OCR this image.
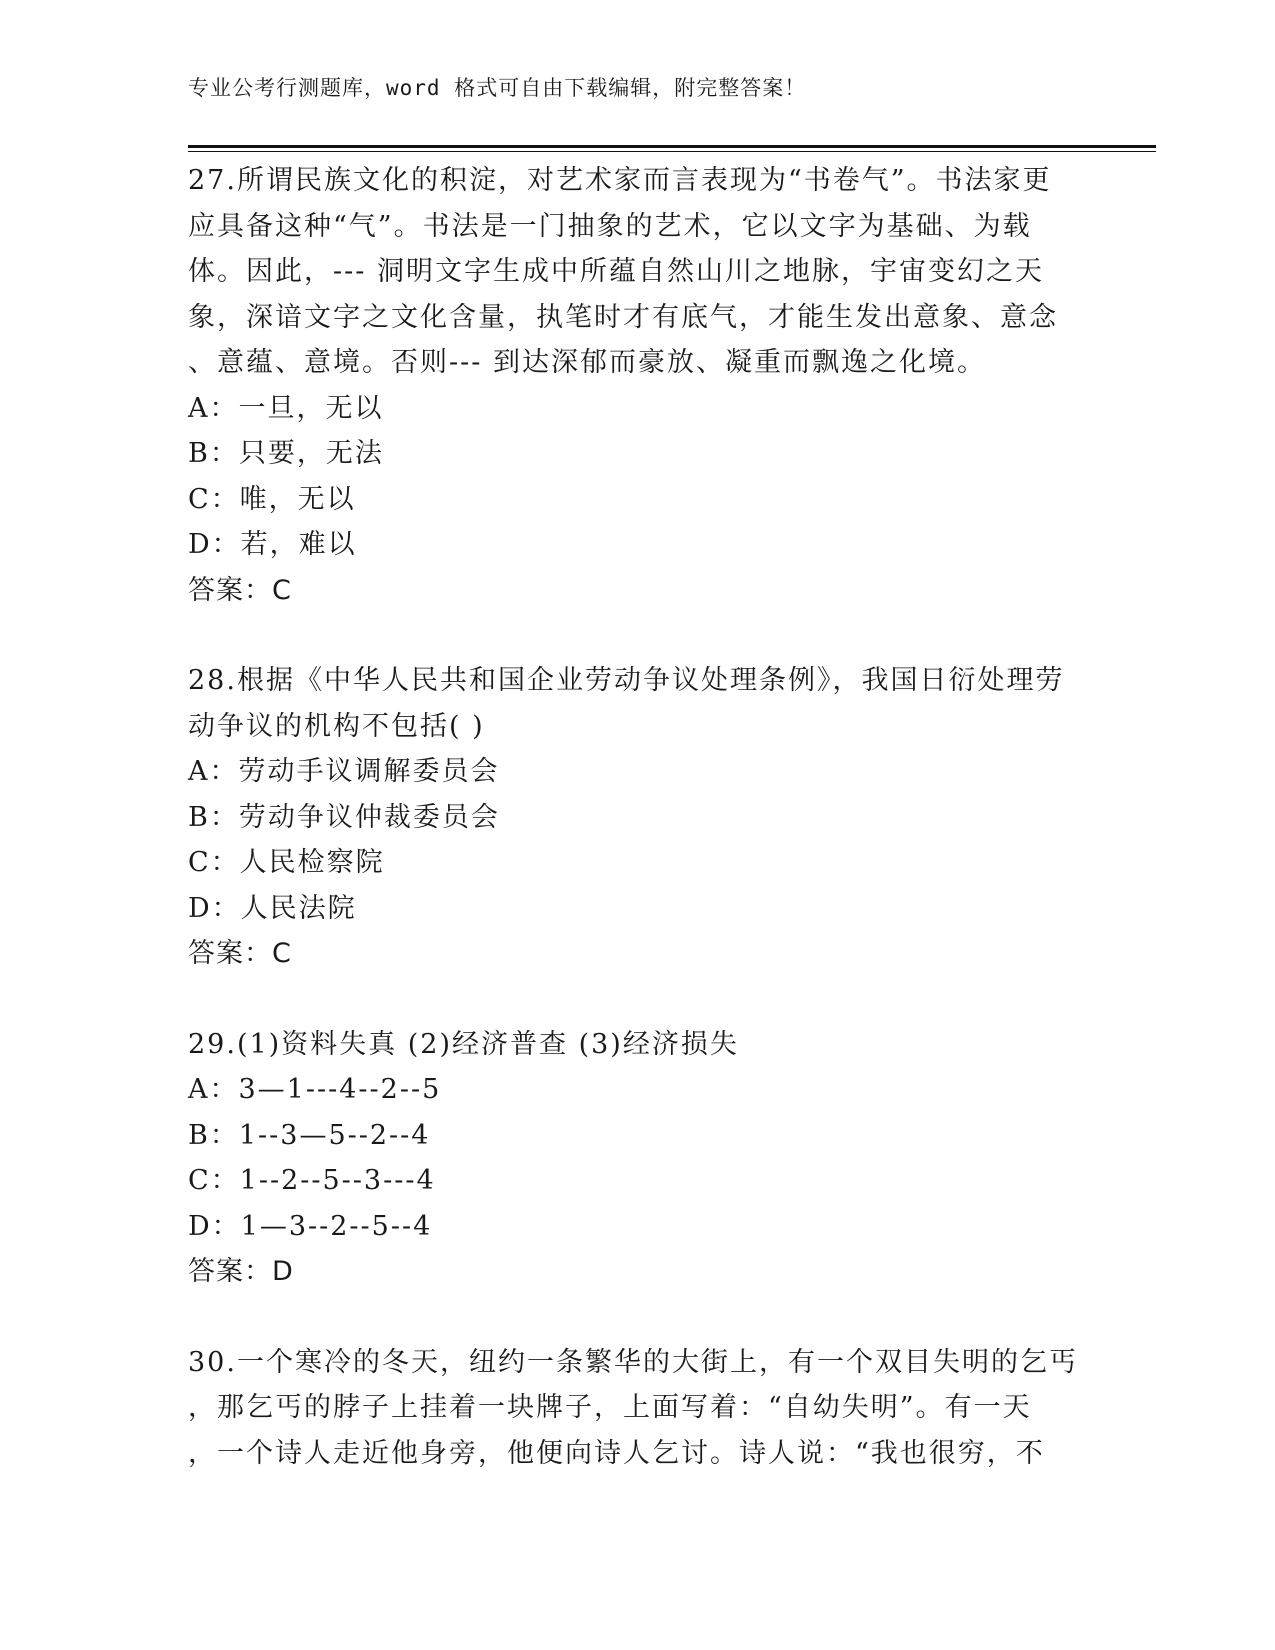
专业公考行测题库，word 格式可自由下载编辑，附完整答案！
27.所谓民族文化的积淀，对艺术家而言表现为“书卷气”。书法家更
应具备这种“气”。书法是一门抽象的艺术，它以文字为基础、为载
体。因此，--- 洞明文字生成中所蕴自然山川之地脉，宇宙变幻之天
象，深谙文字之文化含量，执笔时才有底气，才能生发出意象、意念
、意蕴、意境。否则--- 到达深郁而豪放、凝重而飘逸之化境。
A：一旦，无以
B：只要，无法
C：唯，无以
D：若，难以
答案：C
28.根据《中华人民共和国企业劳动争议处理条例》，我国日衍处理劳
动争议的机构不包括( )
A：劳动手议调解委员会
B：劳动争议仲裁委员会
C：人民检察院
D：人民法院
答案：C
29.(1)资料失真 (2)经济普查 (3)经济损失
A：3—1---4--2--5
B：1--3—5--2--4
C：1--2--5--3---4
D：1—3--2--5--4
答案：D
30.一个寒冷的冬天，纽约一条繁华的大街上，有一个双目失明的乞丐
，那乞丐的脖子上挂着一块牌子，上面写着：“自幼失明”。有一天
，一个诗人走近他身旁，他便向诗人乞讨。诗人说：“我也很穷，不
